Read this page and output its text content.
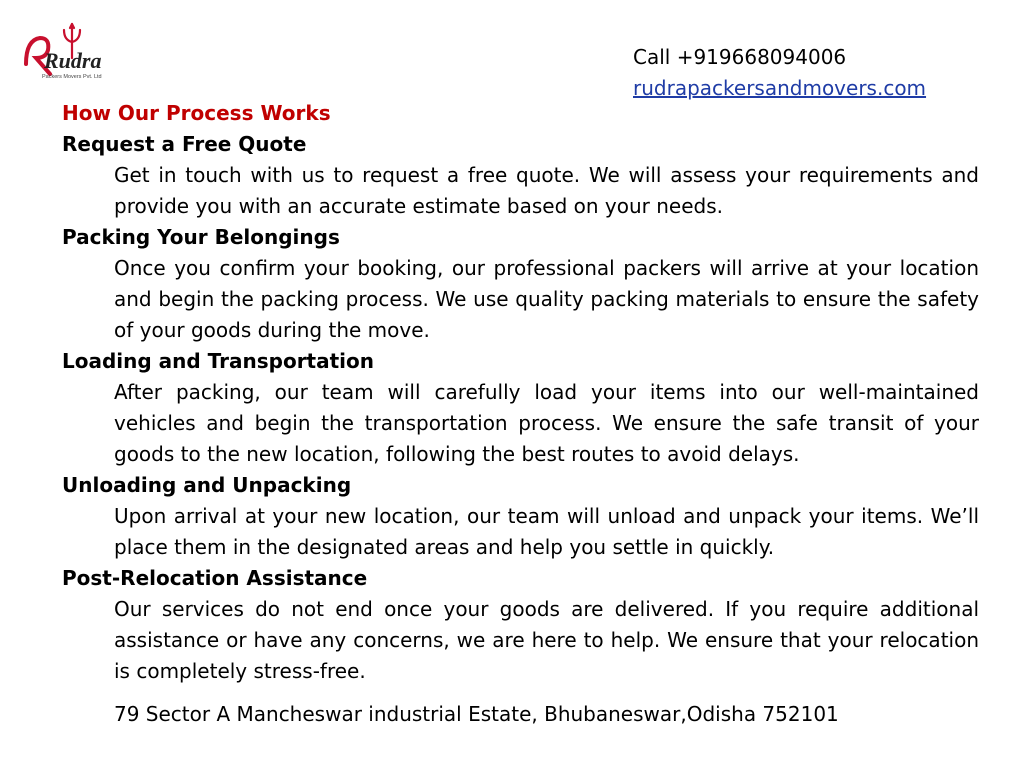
Rudra
Packers Movers Pvt. Ltd
Call +919668094006
rudrapackersandmovers.com
How Our Process Works
Request a Free Quote
Get in touch with us to request a free quote. We will assess your requirements and provide you with an accurate estimate based on your needs.
Packing Your Belongings
Once you confirm your booking, our professional packers will arrive at your location and begin the packing process. We use quality packing materials to ensure the safety of your goods during the move.
Loading and Transportation
After packing, our team will carefully load your items into our well-maintained vehicles and begin the transportation process. We ensure the safe transit of your goods to the new location, following the best routes to avoid delays.
Unloading and Unpacking
Upon arrival at your new location, our team will unload and unpack your items. We’ll place them in the designated areas and help you settle in quickly.
Post-Relocation Assistance
Our services do not end once your goods are delivered. If you require additional assistance or have any concerns, we are here to help. We ensure that your relocation is completely stress-free.
79 Sector A Mancheswar industrial Estate, Bhubaneswar,Odisha 752101
